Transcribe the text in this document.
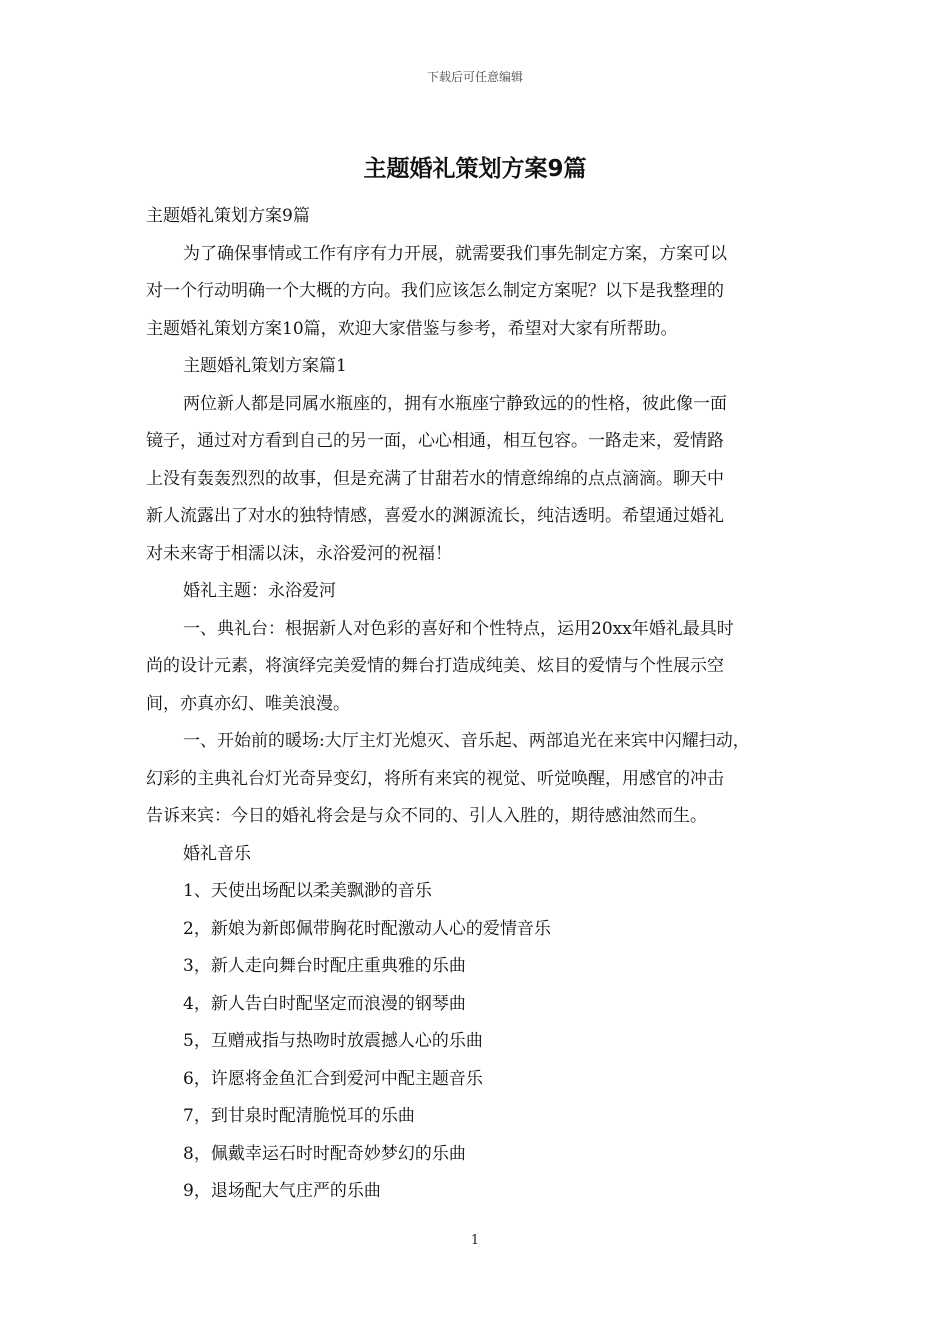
下载后可任意编辑
主题婚礼策划方案9篇

主题婚礼策划方案9篇

为了确保事情或工作有序有力开展，就需要我们事先制定方案，方案可以

对一个行动明确一个大概的方向。我们应该怎么制定方案呢？以下是我整理的

主题婚礼策划方案10篇，欢迎大家借鉴与参考，希望对大家有所帮助。

主题婚礼策划方案篇1

两位新人都是同属水瓶座的，拥有水瓶座宁静致远的的性格，彼此像一面

镜子，通过对方看到自己的另一面，心心相通，相互包容。一路走来，爱情路

上没有轰轰烈烈的故事，但是充满了甘甜若水的情意绵绵的点点滴滴。聊天中

新人流露出了对水的独特情感，喜爱水的渊源流长，纯洁透明。希望通过婚礼

对未来寄于相濡以沫，永浴爱河的祝福！

婚礼主题：永浴爱河

一、典礼台：根据新人对色彩的喜好和个性特点，运用20xx年婚礼最具时

尚的设计元素，将演绎完美爱情的舞台打造成纯美、炫目的爱情与个性展示空

间，亦真亦幻、唯美浪漫。

一、开始前的暖场:大厅主灯光熄灭、音乐起、两部追光在来宾中闪耀扫动，

幻彩的主典礼台灯光奇异变幻，将所有来宾的视觉、听觉唤醒，用感官的冲击

告诉来宾：今日的婚礼将会是与众不同的、引人入胜的，期待感油然而生。

婚礼音乐

1、天使出场配以柔美飘渺的音乐

2，新娘为新郎佩带胸花时配激动人心的爱情音乐

3，新人走向舞台时配庄重典雅的乐曲

4，新人告白时配坚定而浪漫的钢琴曲

5，互赠戒指与热吻时放震撼人心的乐曲

6，许愿将金鱼汇合到爱河中配主题音乐

7，到甘泉时配清脆悦耳的乐曲

8，佩戴幸运石时时配奇妙梦幻的乐曲

9，退场配大气庄严的乐曲

1
